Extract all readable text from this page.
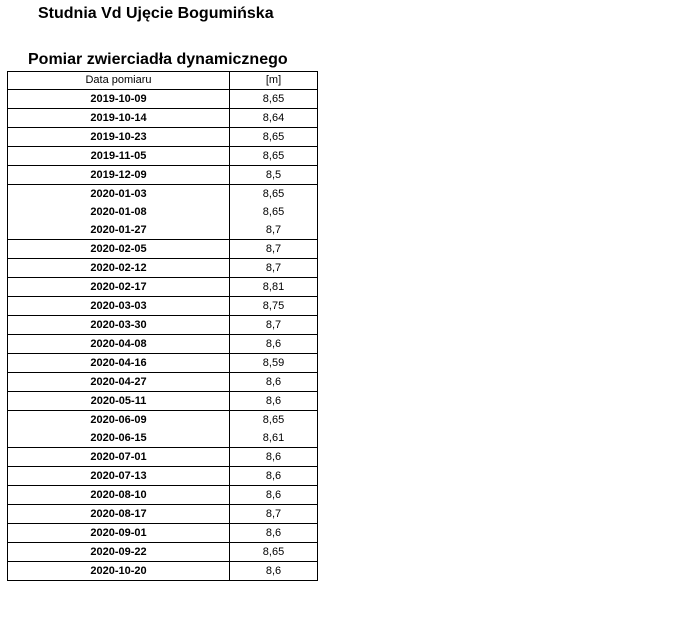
Studnia Vd Ujęcie Bogumińska
Pomiar zwierciadła dynamicznego
Data pomiaru	[m]
2019-10-09	8,65
2019-10-14	8,64
2019-10-23	8,65
2019-11-05	8,65
2019-12-09	8,5
2020-01-03	8,65
2020-01-08	8,65
2020-01-27	8,7
2020-02-05	8,7
2020-02-12	8,7
2020-02-17	8,81
2020-03-03	8,75
2020-03-30	8,7
2020-04-08	8,6
2020-04-16	8,59
2020-04-27	8,6
2020-05-11	8,6
2020-06-09	8,65
2020-06-15	8,61
2020-07-01	8,6
2020-07-13	8,6
2020-08-10	8,6
2020-08-17	8,7
2020-09-01	8,6
2020-09-22	8,65
2020-10-20	8,6
